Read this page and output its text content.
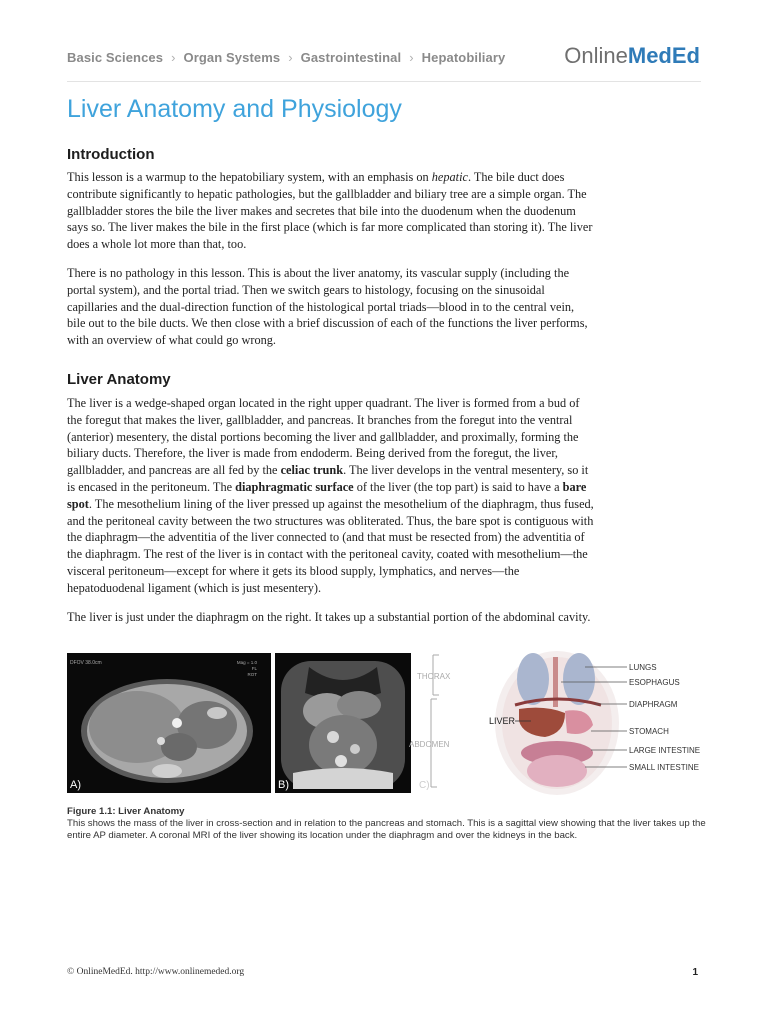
Basic Sciences › Organ Systems › Gastrointestinal › Hepatobiliary	OnlineMedEd
Liver Anatomy and Physiology
Introduction

This lesson is a warmup to the hepatobiliary system, with an emphasis on hepatic. The bile duct does contribute significantly to hepatic pathologies, but the gallbladder and biliary tree are a simple organ. The gallbladder stores the bile the liver makes and secretes that bile into the duodenum when the duodenum says so. The liver makes the bile in the first place (which is far more complicated than storing it). The liver does a whole lot more than that, too.

There is no pathology in this lesson. This is about the liver anatomy, its vascular supply (including the portal system), and the portal triad. Then we switch gears to histology, focusing on the sinusoidal capillaries and the dual-direction function of the histological portal triads—blood in to the central vein, bile out to the bile ducts. We then close with a brief discussion of each of the functions the liver performs, with an overview of what could go wrong.

Liver Anatomy

The liver is a wedge-shaped organ located in the right upper quadrant. The liver is formed from a bud of the foregut that makes the liver, gallbladder, and pancreas. It branches from the foregut into the ventral (anterior) mesentery, the distal portions becoming the liver and gallbladder, and proximally, forming the biliary ducts. Therefore, the liver is made from endoderm. Being derived from the foregut, the liver, gallbladder, and pancreas are all fed by the celiac trunk. The liver develops in the ventral mesentery, so it is encased in the peritoneum. The diaphragmatic surface of the liver (the top part) is said to have a bare spot. The mesothelium lining of the liver pressed up against the mesothelium of the diaphragm, thus fused, and the peritoneal cavity between the two structures was obliterated. Thus, the bare spot is contiguous with the diaphragm—the adventitia of the liver connected to (and that must be resected from) the adventitia of the diaphragm. The rest of the liver is in contact with the peritoneal cavity, coated with mesothelium—the visceral peritoneum—except for where it gets its blood supply, lymphatics, and nerves—the hepatoduodenal ligament (which is just mesentery).

The liver is just under the diaphragm on the right. It takes up a substantial portion of the abdominal cavity.

DFOV 38.0cm	Mag = 1.0
FL
ROT
A)	B)
THORAX
ABDOMEN
LIVER
LUNGS
ESOPHAGUS
DIAPHRAGM
STOMACH
LARGE INTESTINE
SMALL INTESTINE
C)
Figure 1.1: Liver Anatomy
This shows the mass of the liver in cross-section and in relation to the pancreas and stomach. This is a sagittal view showing that the liver takes up the entire AP diameter. A coronal MRI of the liver showing its location under the diaphragm and over the kidneys in the back.
© OnlineMedEd. http://www.onlinemeded.org	1
